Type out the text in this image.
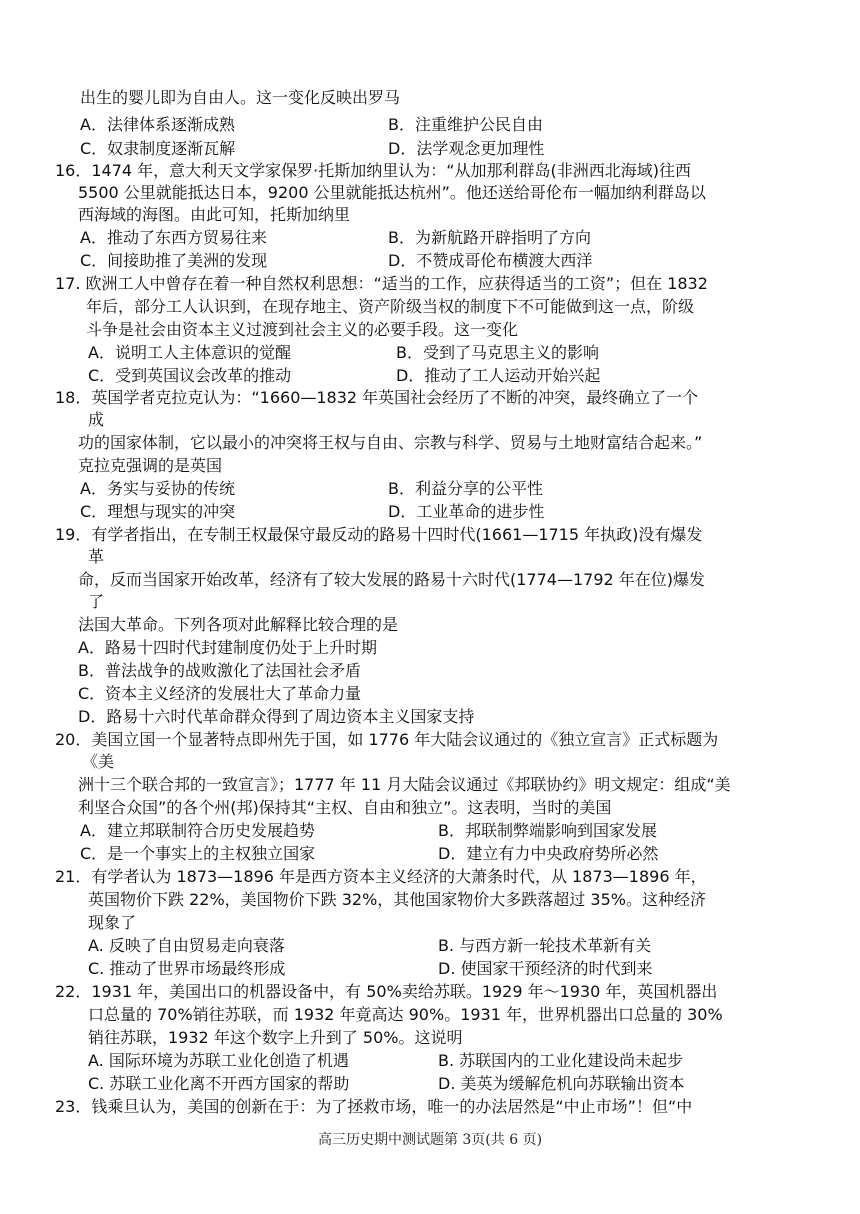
出生的婴儿即为自由人。这一变化反映出罗马
A．法律体系逐渐成熟	B．注重维护公民自由
C．奴隶制度逐渐瓦解	D．法学观念更加理性
16．1474 年，意大利天文学家保罗·托斯加纳里认为：“从加那利群岛(非洲西北海域)往西
5500 公里就能抵达日本，9200 公里就能抵达杭州”。他还送给哥伦布一幅加纳利群岛以
西海域的海图。由此可知，托斯加纳里
A．推动了东西方贸易往来	B．为新航路开辟指明了方向
C．间接助推了美洲的发现	D．不赞成哥伦布横渡大西洋
17. 欧洲工人中曾存在着一种自然权利思想：“适当的工作，应获得适当的工资”；但在 1832
年后，部分工人认识到，在现存地主、资产阶级当权的制度下不可能做到这一点，阶级
斗争是社会由资本主义过渡到社会主义的必要手段。这一变化
A．说明工人主体意识的觉醒	B．受到了马克思主义的影响
C．受到英国议会改革的推动	D．推动了工人运动开始兴起
18．英国学者克拉克认为：“1660—1832 年英国社会经历了不断的冲突，最终确立了一个
成
功的国家体制，它以最小的冲突将王权与自由、宗教与科学、贸易与土地财富结合起来。”
克拉克强调的是英国
A．务实与妥协的传统	B．利益分享的公平性
C．理想与现实的冲突	D．工业革命的进步性
19．有学者指出，在专制王权最保守最反动的路易十四时代(1661—1715 年执政)没有爆发
革
命，反而当国家开始改革，经济有了较大发展的路易十六时代(1774—1792 年在位)爆发
了
法国大革命。下列各项对此解释比较合理的是
A．路易十四时代封建制度仍处于上升时期
B．普法战争的战败激化了法国社会矛盾
C．资本主义经济的发展壮大了革命力量
D．路易十六时代革命群众得到了周边资本主义国家支持
20．美国立国一个显著特点即州先于国，如 1776 年大陆会议通过的《独立宣言》正式标题为
《美
洲十三个联合邦的一致宣言》；1777 年 11 月大陆会议通过《邦联协约》明文规定：组成“美
利坚合众国”的各个州(邦)保持其“主权、自由和独立”。这表明，当时的美国
A．建立邦联制符合历史发展趋势	B．邦联制弊端影响到国家发展
C．是一个事实上的主权独立国家	D．建立有力中央政府势所必然
21．有学者认为 1873—1896 年是西方资本主义经济的大萧条时代，从 1873—1896 年，
英国物价下跌 22%，美国物价下跌 32%，其他国家物价大多跌落超过 35%。这种经济
现象了
A. 反映了自由贸易走向衰落	B. 与西方新一轮技术革新有关
C. 推动了世界市场最终形成	D. 使国家干预经济的时代到来
22．1931 年，美国出口的机器设备中，有 50%卖给苏联。1929 年～1930 年，英国机器出
口总量的 70%销往苏联，而 1932 年竟高达 90%。1931 年，世界机器出口总量的 30%
销往苏联，1932 年这个数字上升到了 50%。这说明
A. 国际环境为苏联工业化创造了机遇	B. 苏联国内的工业化建设尚未起步
C. 苏联工业化离不开西方国家的帮助	D. 美英为缓解危机向苏联输出资本
23．钱乘旦认为，美国的创新在于：为了拯救市场，唯一的办法居然是“中止市场”！但“中
高三历史期中测试题第 3页(共 6 页)
